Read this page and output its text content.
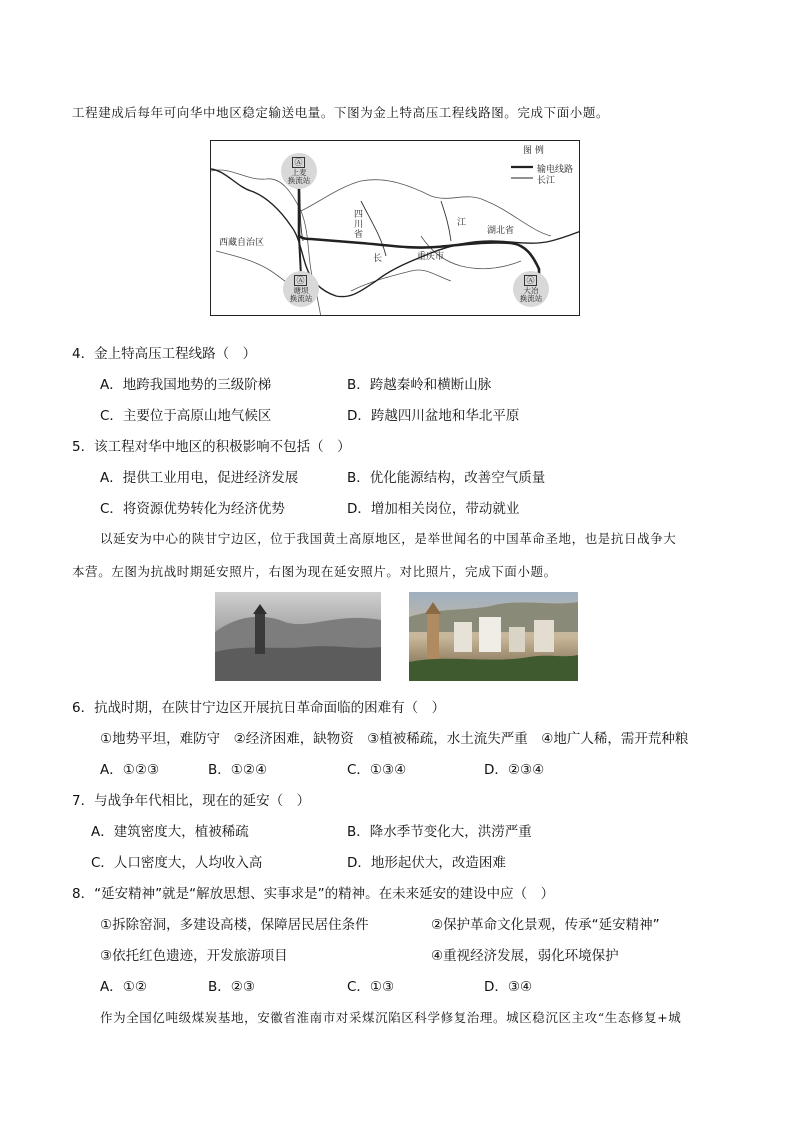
工程建成后每年可向华中地区稳定输送电量。下图为金上特高压工程线路图。完成下面小题。
图 例
输电线路
长江
西藏自治区
四
川
省
江
长
湖北省
重庆市
Ⓐ
上麦
换流站
Ⓐ
塘坝
换流站
Ⓐ
大冶
换流站
4．金上特高压工程线路（　）
A．地跨我国地势的三级阶梯	B．跨越秦岭和横断山脉
C．主要位于高原山地气候区	D．跨越四川盆地和华北平原
5．该工程对华中地区的积极影响不包括（　）
A．提供工业用电，促进经济发展	B．优化能源结构，改善空气质量
C．将资源优势转化为经济优势	D．增加相关岗位，带动就业
以延安为中心的陕甘宁边区，位于我国黄土高原地区，是举世闻名的中国革命圣地，也是抗日战争大
本营。左图为抗战时期延安照片，右图为现在延安照片。对比照片，完成下面小题。
6．抗战时期，在陕甘宁边区开展抗日革命面临的困难有（　）
①地势平坦，难防守　②经济困难，缺物资　③植被稀疏，水土流失严重　④地广人稀，需开荒种粮
A．①②③	B．①②④	C．①③④	D．②③④
7．与战争年代相比，现在的延安（　）
A．建筑密度大，植被稀疏	B．降水季节变化大，洪涝严重
C．人口密度大，人均收入高	D．地形起伏大，改造困难
8．“延安精神”就是“解放思想、实事求是”的精神。在未来延安的建设中应（　）
①拆除窑洞，多建设高楼，保障居民居住条件	②保护革命文化景观，传承“延安精神”
③依托红色遗迹，开发旅游项目	④重视经济发展，弱化环境保护
A．①②	B．②③	C．①③	D．③④
作为全国亿吨级煤炭基地，安徽省淮南市对采煤沉陷区科学修复治理。城区稳沉区主攻“生态修复+城
